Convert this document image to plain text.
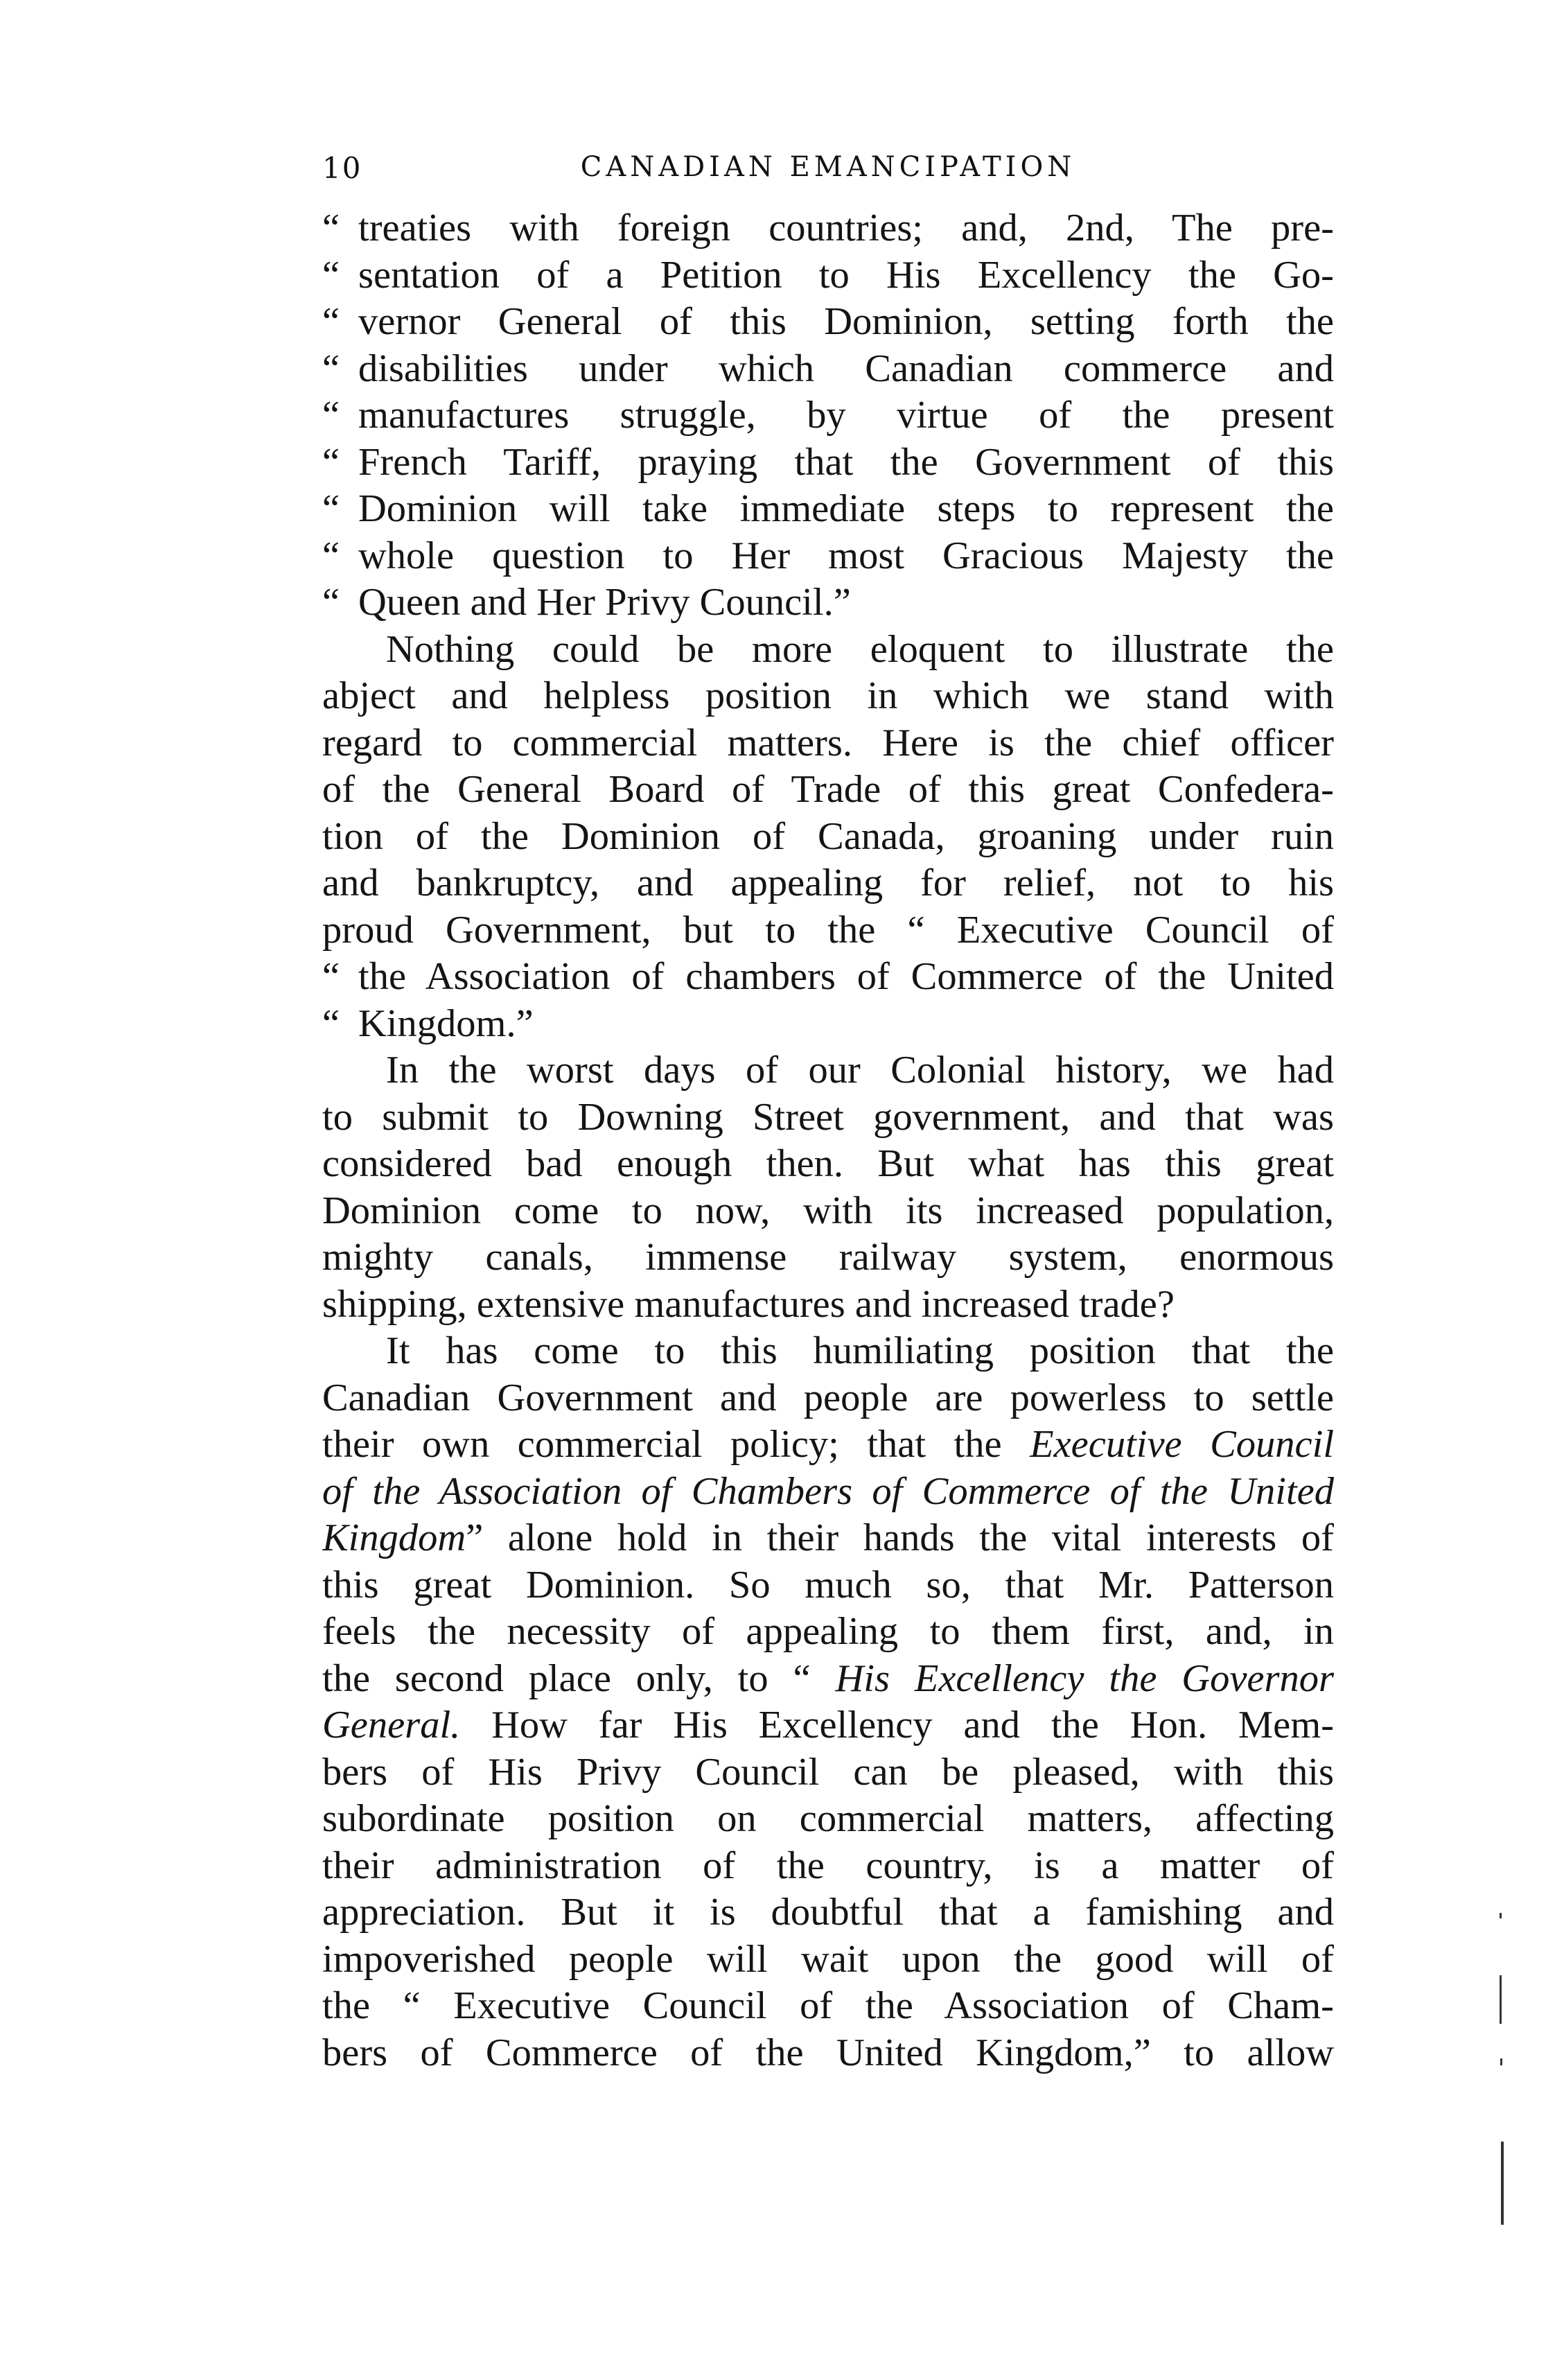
10	CANADIAN EMANCIPATION
“ treaties with foreign countries; and, 2nd, The pre-
“ sentation of a Petition to His Excellency the Go-
“ vernor General of this Dominion, setting forth the
“ disabilities under which Canadian commerce and
“ manufactures struggle, by virtue of the present
“ French Tariff, praying that the Government of this
“ Dominion will take immediate steps to represent the
“ whole question to Her most Gracious Majesty the
“ Queen and Her Privy Council.”
Nothing could be more eloquent to illustrate the
abject and helpless position in which we stand with
regard to commercial matters. Here is the chief officer
of the General Board of Trade of this great Confedera-
tion of the Dominion of Canada, groaning under ruin
and bankruptcy, and appealing for relief, not to his
proud Government, but to the “ Executive Council of
“ the Association of chambers of Commerce of the United
“ Kingdom.”
In the worst days of our Colonial history, we had
to submit to Downing Street government, and that was
considered bad enough then. But what has this great
Dominion come to now, with its increased population,
mighty canals, immense railway system, enormous
shipping, extensive manufactures and increased trade?
It has come to this humiliating position that the
Canadian Government and people are powerless to settle
their own commercial policy; that the Executive Council
of the Association of Chambers of Commerce of the United
Kingdom” alone hold in their hands the vital interests of
this great Dominion. So much so, that Mr. Patterson
feels the necessity of appealing to them first, and, in
the second place only, to “ His Excellency the Governor
General. How far His Excellency and the Hon. Mem-
bers of His Privy Council can be pleased, with this
subordinate position on commercial matters, affecting
their administration of the country, is a matter of
appreciation. But it is doubtful that a famishing and
impoverished people will wait upon the good will of
the “ Executive Council of the Association of Cham-
bers of Commerce of the United Kingdom,” to allow
